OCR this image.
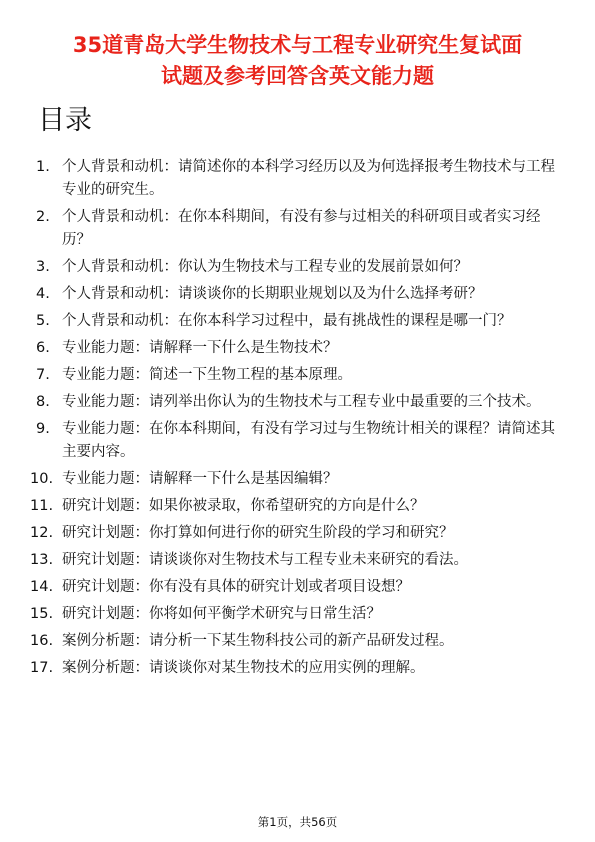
35道青岛大学生物技术与工程专业研究生复试面
试题及参考回答含英文能力题
目录
1. 个人背景和动机：请简述你的本科学习经历以及为何选择报考生物技术与工程专业的研究生。
2. 个人背景和动机：在你本科期间，有没有参与过相关的科研项目或者实习经历？
3. 个人背景和动机：你认为生物技术与工程专业的发展前景如何？
4. 个人背景和动机：请谈谈你的长期职业规划以及为什么选择考研？
5. 个人背景和动机：在你本科学习过程中，最有挑战性的课程是哪一门？
6. 专业能力题：请解释一下什么是生物技术？
7. 专业能力题：简述一下生物工程的基本原理。
8. 专业能力题：请列举出你认为的生物技术与工程专业中最重要的三个技术。
9. 专业能力题：在你本科期间，有没有学习过与生物统计相关的课程？请简述其主要内容。
10. 专业能力题：请解释一下什么是基因编辑？
11. 研究计划题：如果你被录取，你希望研究的方向是什么？
12. 研究计划题：你打算如何进行你的研究生阶段的学习和研究？
13. 研究计划题：请谈谈你对生物技术与工程专业未来研究的看法。
14. 研究计划题：你有没有具体的研究计划或者项目设想？
15. 研究计划题：你将如何平衡学术研究与日常生活？
16. 案例分析题：请分析一下某生物科技公司的新产品研发过程。
17. 案例分析题：请谈谈你对某生物技术的应用实例的理解。
第1页，共56页
